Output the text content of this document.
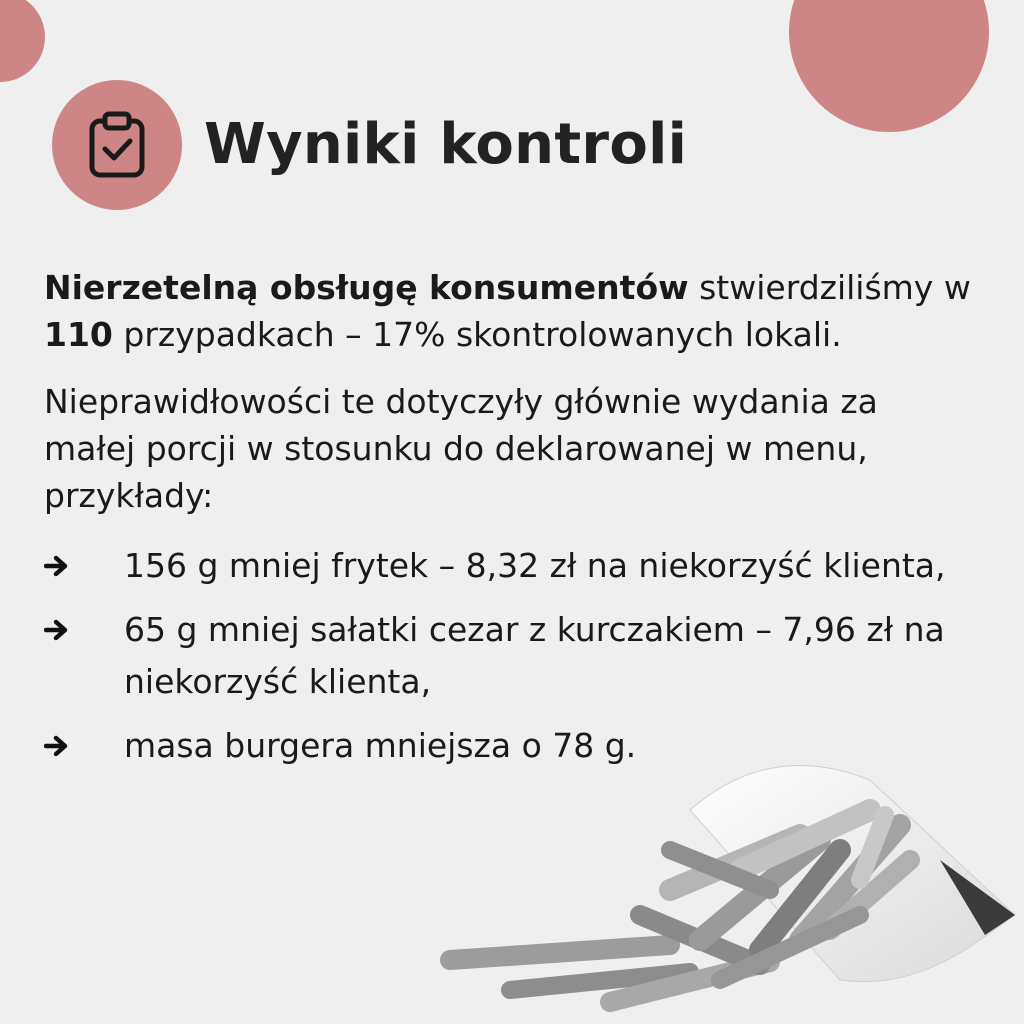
Wyniki kontroli

Nierzetelną obsługę konsumentów stwierdziliśmy w 110 przypadkach – 17% skontrolowanych lokali.

Nieprawidłowości te dotyczyły głównie wydania za małej porcji w stosunku do deklarowanej w menu, przykłady:

156 g mniej frytek – 8,32 zł na niekorzyść klienta,
65 g mniej sałatki cezar z kurczakiem – 7,96 zł na niekorzyść klienta,
masa burgera mniejsza o 78 g.
